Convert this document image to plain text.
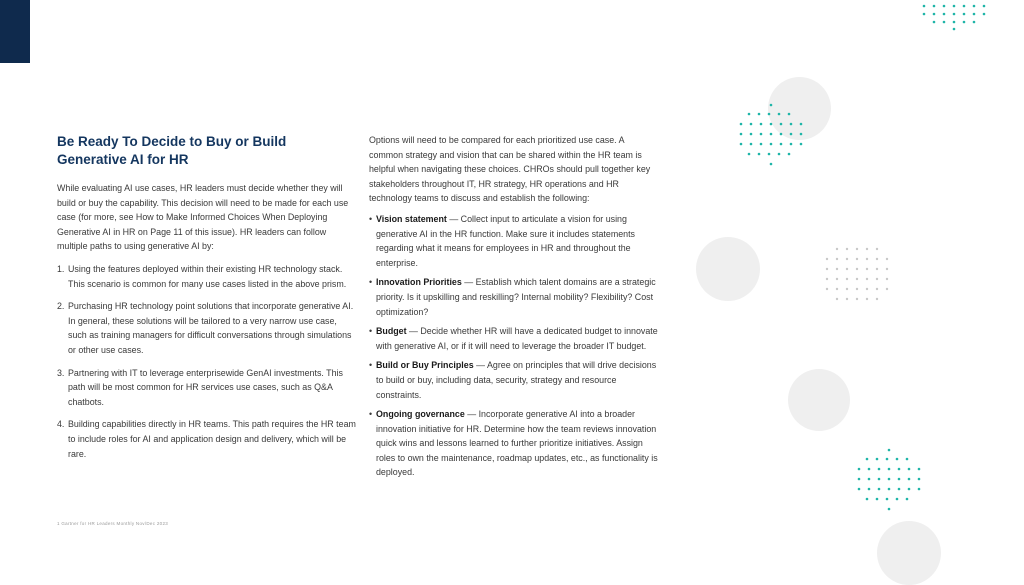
Be Ready To Decide to Buy or Build Generative AI for HR

While evaluating AI use cases, HR leaders must decide whether they will build or buy the capability. This decision will need to be made for each use case (for more, see How to Make Informed Choices When Deploying Generative AI in HR on Page 11 of this issue). HR leaders can follow multiple paths to using generative AI by:

1. Using the features deployed within their existing HR technology stack. This scenario is common for many use cases listed in the above prism.
2. Purchasing HR technology point solutions that incorporate generative AI. In general, these solutions will be tailored to a very narrow use case, such as training managers for difficult conversations through simulations or other use cases.
3. Partnering with IT to leverage enterprisewide GenAI investments. This path will be most common for HR services use cases, such as Q&A chatbots.
4. Building capabilities directly in HR teams. This path requires the HR team to include roles for AI and application design and delivery, which will be rare.

Options will need to be compared for each prioritized use case. A common strategy and vision that can be shared within the HR team is helpful when navigating these choices. CHROs should pull together key stakeholders throughout IT, HR strategy, HR operations and HR technology teams to discuss and establish the following:

• Vision statement — Collect input to articulate a vision for using generative AI in the HR function. Make sure it includes statements regarding what it means for employees in HR and throughout the enterprise.
• Innovation Priorities — Establish which talent domains are a strategic priority. Is it upskilling and reskilling? Internal mobility? Flexibility? Cost optimization?
• Budget — Decide whether HR will have a dedicated budget to innovate with generative AI, or if it will need to leverage the broader IT budget.
• Build or Buy Principles — Agree on principles that will drive decisions to build or buy, including data, security, strategy and resource constraints.
• Ongoing governance — Incorporate generative AI into a broader innovation initiative for HR. Determine how the team reviews innovation quick wins and lessons learned to further prioritize initiatives. Assign roles to own the maintenance, roadmap updates, etc., as functionality is deployed.
1 Gartner for HR Leaders Monthly Nov/Dec 2023
